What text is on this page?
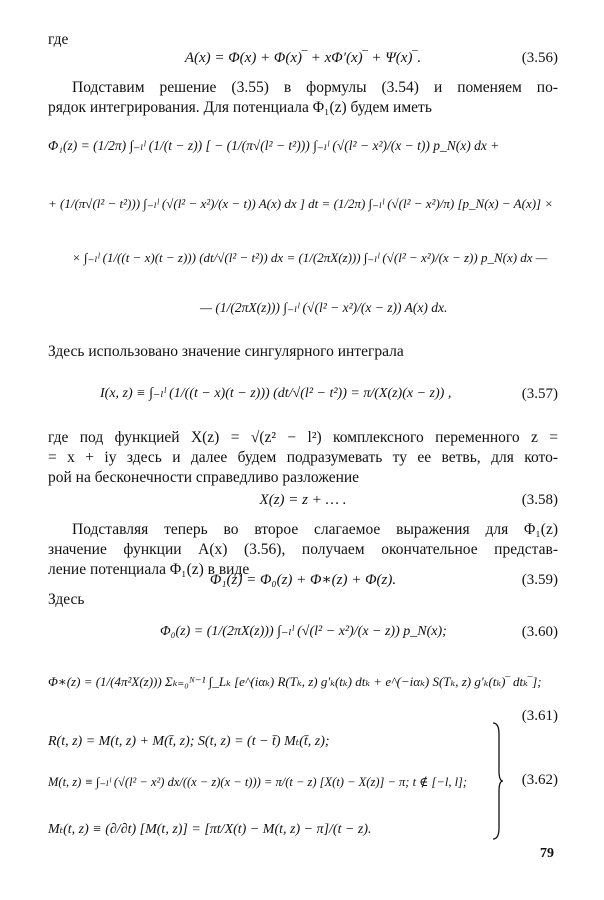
где
A(x) = Φ(x) + Φ(x)‾ + xΦ′(x)‾ + Ψ(x)‾.	(3.56)
Подставим решение (3.55) в формулы (3.54) и поменяем по-
рядок интегрирования. Для потенциала Φ₁(z) будем иметь
Φ₁(z) = (1/2π) ∫₋ₗˡ (1/(t − z)) [ − (1/(π√(l² − t²))) ∫₋ₗˡ (√(l² − x²)/(x − t)) p_N(x) dx +
+ (1/(π√(l² − t²))) ∫₋ₗˡ (√(l² − x²)/(x − t)) A(x) dx ] dt = (1/2π) ∫₋ₗˡ (√(l² − x²)/π) [p_N(x) − A(x)] ×
× ∫₋ₗˡ (1/((t − x)(t − z))) (dt/√(l² − t²)) dx = (1/(2πX(z))) ∫₋ₗˡ (√(l² − x²)/(x − z)) p_N(x) dx —
— (1/(2πX(z))) ∫₋ₗˡ (√(l² − x²)/(x − z)) A(x) dx.
Здесь использовано значение сингулярного интеграла
I(x, z) ≡ ∫₋ₗˡ (1/((t − x)(t − z))) (dt/√(l² − t²)) = π/(X(z)(x − z)) ,	(3.57)
где под функцией X(z) = √(z² − l²) комплексного переменного z =
= x + iy здесь и далее будем подразумевать ту ее ветвь, для кото-
рой на бесконечности справедливо разложение
X(z) = z + … .	(3.58)
Подставляя теперь во второе слагаемое выражения для Φ₁(z)
значение функции A(x) (3.56), получаем окончательное представ-
ление потенциала Φ₁(z) в виде
Φ₁(z) = Φ₀(z) + Φ∗(z) + Φ(z).	(3.59)
Здесь
Φ₀(z) = (1/(2πX(z))) ∫₋ₗˡ (√(l² − x²)/(x − z)) p_N(x);	(3.60)
Φ∗(z) = (1/(4π²X(z))) Σₖ₌₀ᴺ⁻¹ ∫_Lₖ [e^(iαₖ) R(Tₖ, z) g′ₖ(tₖ) dtₖ + e^(−iαₖ) S(Tₖ, z) g′ₖ(tₖ)‾ dtₖ‾];
(3.61)
R(t, z) = M(t, z) + M(t̄, z); S(t, z) = (t − t̄) Mₜ(t̄, z);
M(t, z) ≡ ∫₋ₗˡ (√(l² − x²) dx/((x − z)(x − t))) = π/(t − z) [X(t) − X(z)] − π; t ∉ [−l, l];
Mₜ(t, z) ≡ (∂/∂t) [M(t, z)] = [πt/X(t) − M(t, z) − π]/(t − z).
(3.62)
79
